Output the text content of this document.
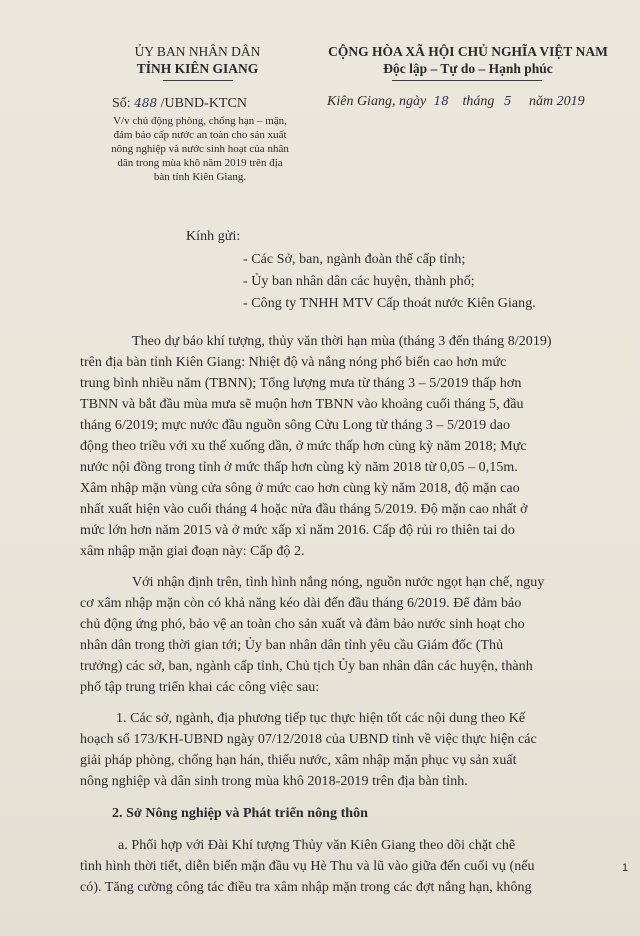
ỦY BAN NHÂN DÂN
TỈNH KIÊN GIANG
Số: 488 /UBND-KTCN
V/v chủ động phòng, chống hạn – mặn,
đảm bảo cấp nước an toàn cho sản xuất
nông nghiệp và nước sinh hoạt của nhân
dân trong mùa khô năm 2019 trên địa
bàn tỉnh Kiên Giang.
CỘNG HÒA XÃ HỘI CHỦ NGHĨA VIỆT NAM
Độc lập – Tự do – Hạnh phúc
Kiên Giang, ngày 18 tháng 5 năm 2019
Kính gửi:
- Các Sở, ban, ngành đoàn thể cấp tỉnh;
- Ủy ban nhân dân các huyện, thành phố;
- Công ty TNHH MTV Cấp thoát nước Kiên Giang.
Theo dự báo khí tượng, thủy văn thời hạn mùa (tháng 3 đến tháng 8/2019)
trên địa bàn tỉnh Kiên Giang: Nhiệt độ và nắng nóng phổ biến cao hơn mức
trung bình nhiều năm (TBNN); Tổng lượng mưa từ tháng 3 – 5/2019 thấp hơn
TBNN và bắt đầu mùa mưa sẽ muộn hơn TBNN vào khoảng cuối tháng 5, đầu
tháng 6/2019; mực nước đầu nguồn sông Cửu Long từ tháng 3 – 5/2019 dao
động theo triều với xu thế xuống dần, ở mức thấp hơn cùng kỳ năm 2018; Mực
nước nội đồng trong tỉnh ở mức thấp hơn cùng kỳ năm 2018 từ 0,05 – 0,15m.
Xâm nhập mặn vùng cửa sông ở mức cao hơn cùng kỳ năm 2018, độ mặn cao
nhất xuất hiện vào cuối tháng 4 hoặc nửa đầu tháng 5/2019. Độ mặn cao nhất ở
mức lớn hơn năm 2015 và ở mức xấp xỉ năm 2016. Cấp độ rủi ro thiên tai do
xâm nhập mặn giai đoạn này: Cấp độ 2.
Với nhận định trên, tình hình nắng nóng, nguồn nước ngọt hạn chế, nguy
cơ xâm nhập mặn còn có khả năng kéo dài đến đầu tháng 6/2019. Để đảm bảo
chủ động ứng phó, bảo vệ an toàn cho sản xuất và đảm bảo nước sinh hoạt cho
nhân dân trong thời gian tới; Ủy ban nhân dân tỉnh yêu cầu Giám đốc (Thủ
trưởng) các sở, ban, ngành cấp tỉnh, Chủ tịch Ủy ban nhân dân các huyện, thành
phố tập trung triển khai các công việc sau:
1. Các sở, ngành, địa phương tiếp tục thực hiện tốt các nội dung theo Kế
hoạch số 173/KH-UBND ngày 07/12/2018 của UBND tỉnh về việc thực hiện các
giải pháp phòng, chống hạn hán, thiếu nước, xâm nhập mặn phục vụ sản xuất
nông nghiệp và dân sinh trong mùa khô 2018-2019 trên địa bàn tỉnh.
2. Sở Nông nghiệp và Phát triển nông thôn
a. Phối hợp với Đài Khí tượng Thủy văn Kiên Giang theo dõi chặt chẽ
tình hình thời tiết, diễn biến mặn đầu vụ Hè Thu và lũ vào giữa đến cuối vụ (nếu
có). Tăng cường công tác điều tra xâm nhập mặn trong các đợt nắng hạn, không
1
